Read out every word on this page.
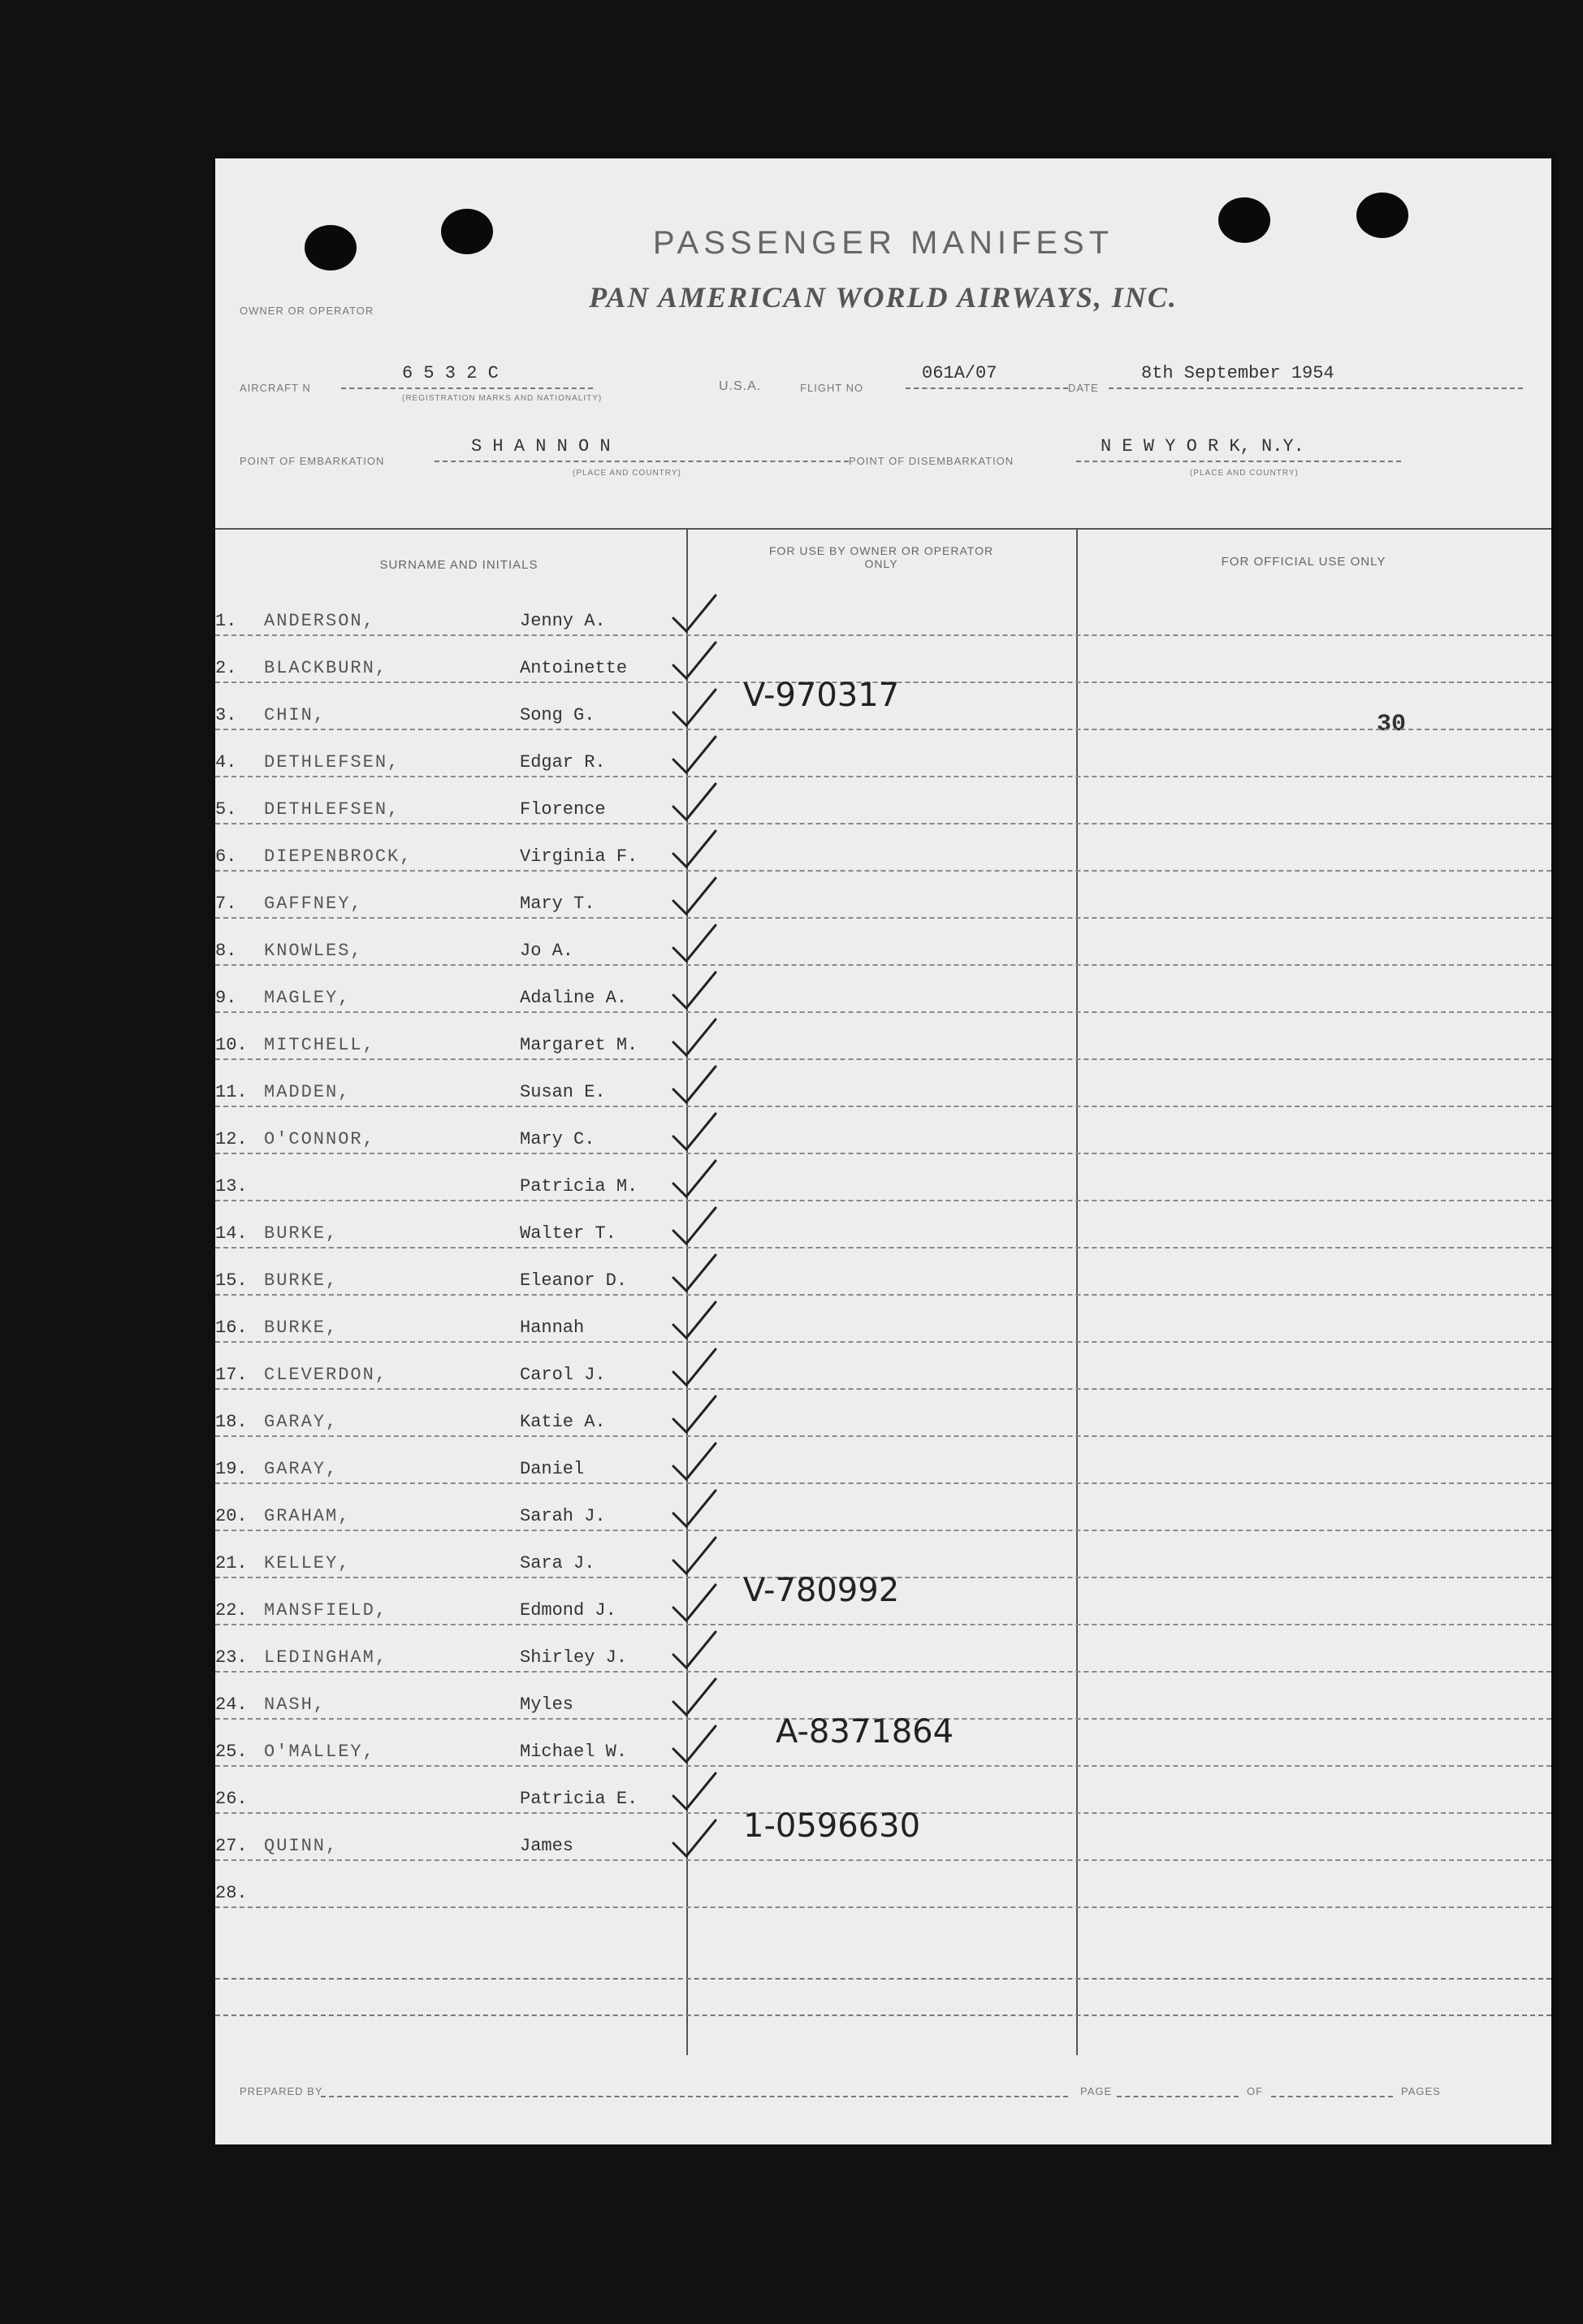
PASSENGER MANIFEST
PAN AMERICAN WORLD AIRWAYS, INC.
OWNER OR OPERATOR
AIRCRAFT N
6 5 3 2 C
(REGISTRATION MARKS AND NATIONALITY)
U.S.A.	FLIGHT NO
061A/07
DATE
8th September 1954
POINT OF EMBARKATION
S H A N N O N
(PLACE AND COUNTRY)
POINT OF DISEMBARKATION
N E W Y O R K, N.Y.
(PLACE AND COUNTRY)
SURNAME AND INITIALS
FOR USE BY OWNER OR OPERATOR ONLY	FOR OFFICIAL USE ONLY
30
1. ANDERSON,	Jenny A.
2. BLACKBURN,	Antoinette
3. CHIN,	Song G.
4. DETHLEFSEN,	Edgar R.
5. DETHLEFSEN,	Florence
6. DIEPENBROCK,	Virginia F.
7. GAFFNEY,	Mary T.
8. KNOWLES,	Jo A.
9. MAGLEY,	Adaline A.
10. MITCHELL,	Margaret M.
11. MADDEN,	Susan E.
12. O'CONNOR,	Mary C.
13.	Patricia M.
14. BURKE,	Walter T.
15. BURKE,	Eleanor D.
16. BURKE,	Hannah
17. CLEVERDON,	Carol J.
18. GARAY,	Katie A.
19. GARAY,	Daniel
20. GRAHAM,	Sarah J.
21. KELLEY,	Sara J.
22. MANSFIELD,	Edmond J.
23. LEDINGHAM,	Shirley J.
24. NASH,	Myles
25. O'MALLEY,	Michael W.
26.	Patricia E.
27. QUINN,	James
28.
V-970317
V-780992
A-8371864
1-0596630
PREPARED BY	PAGE	OF	PAGES
